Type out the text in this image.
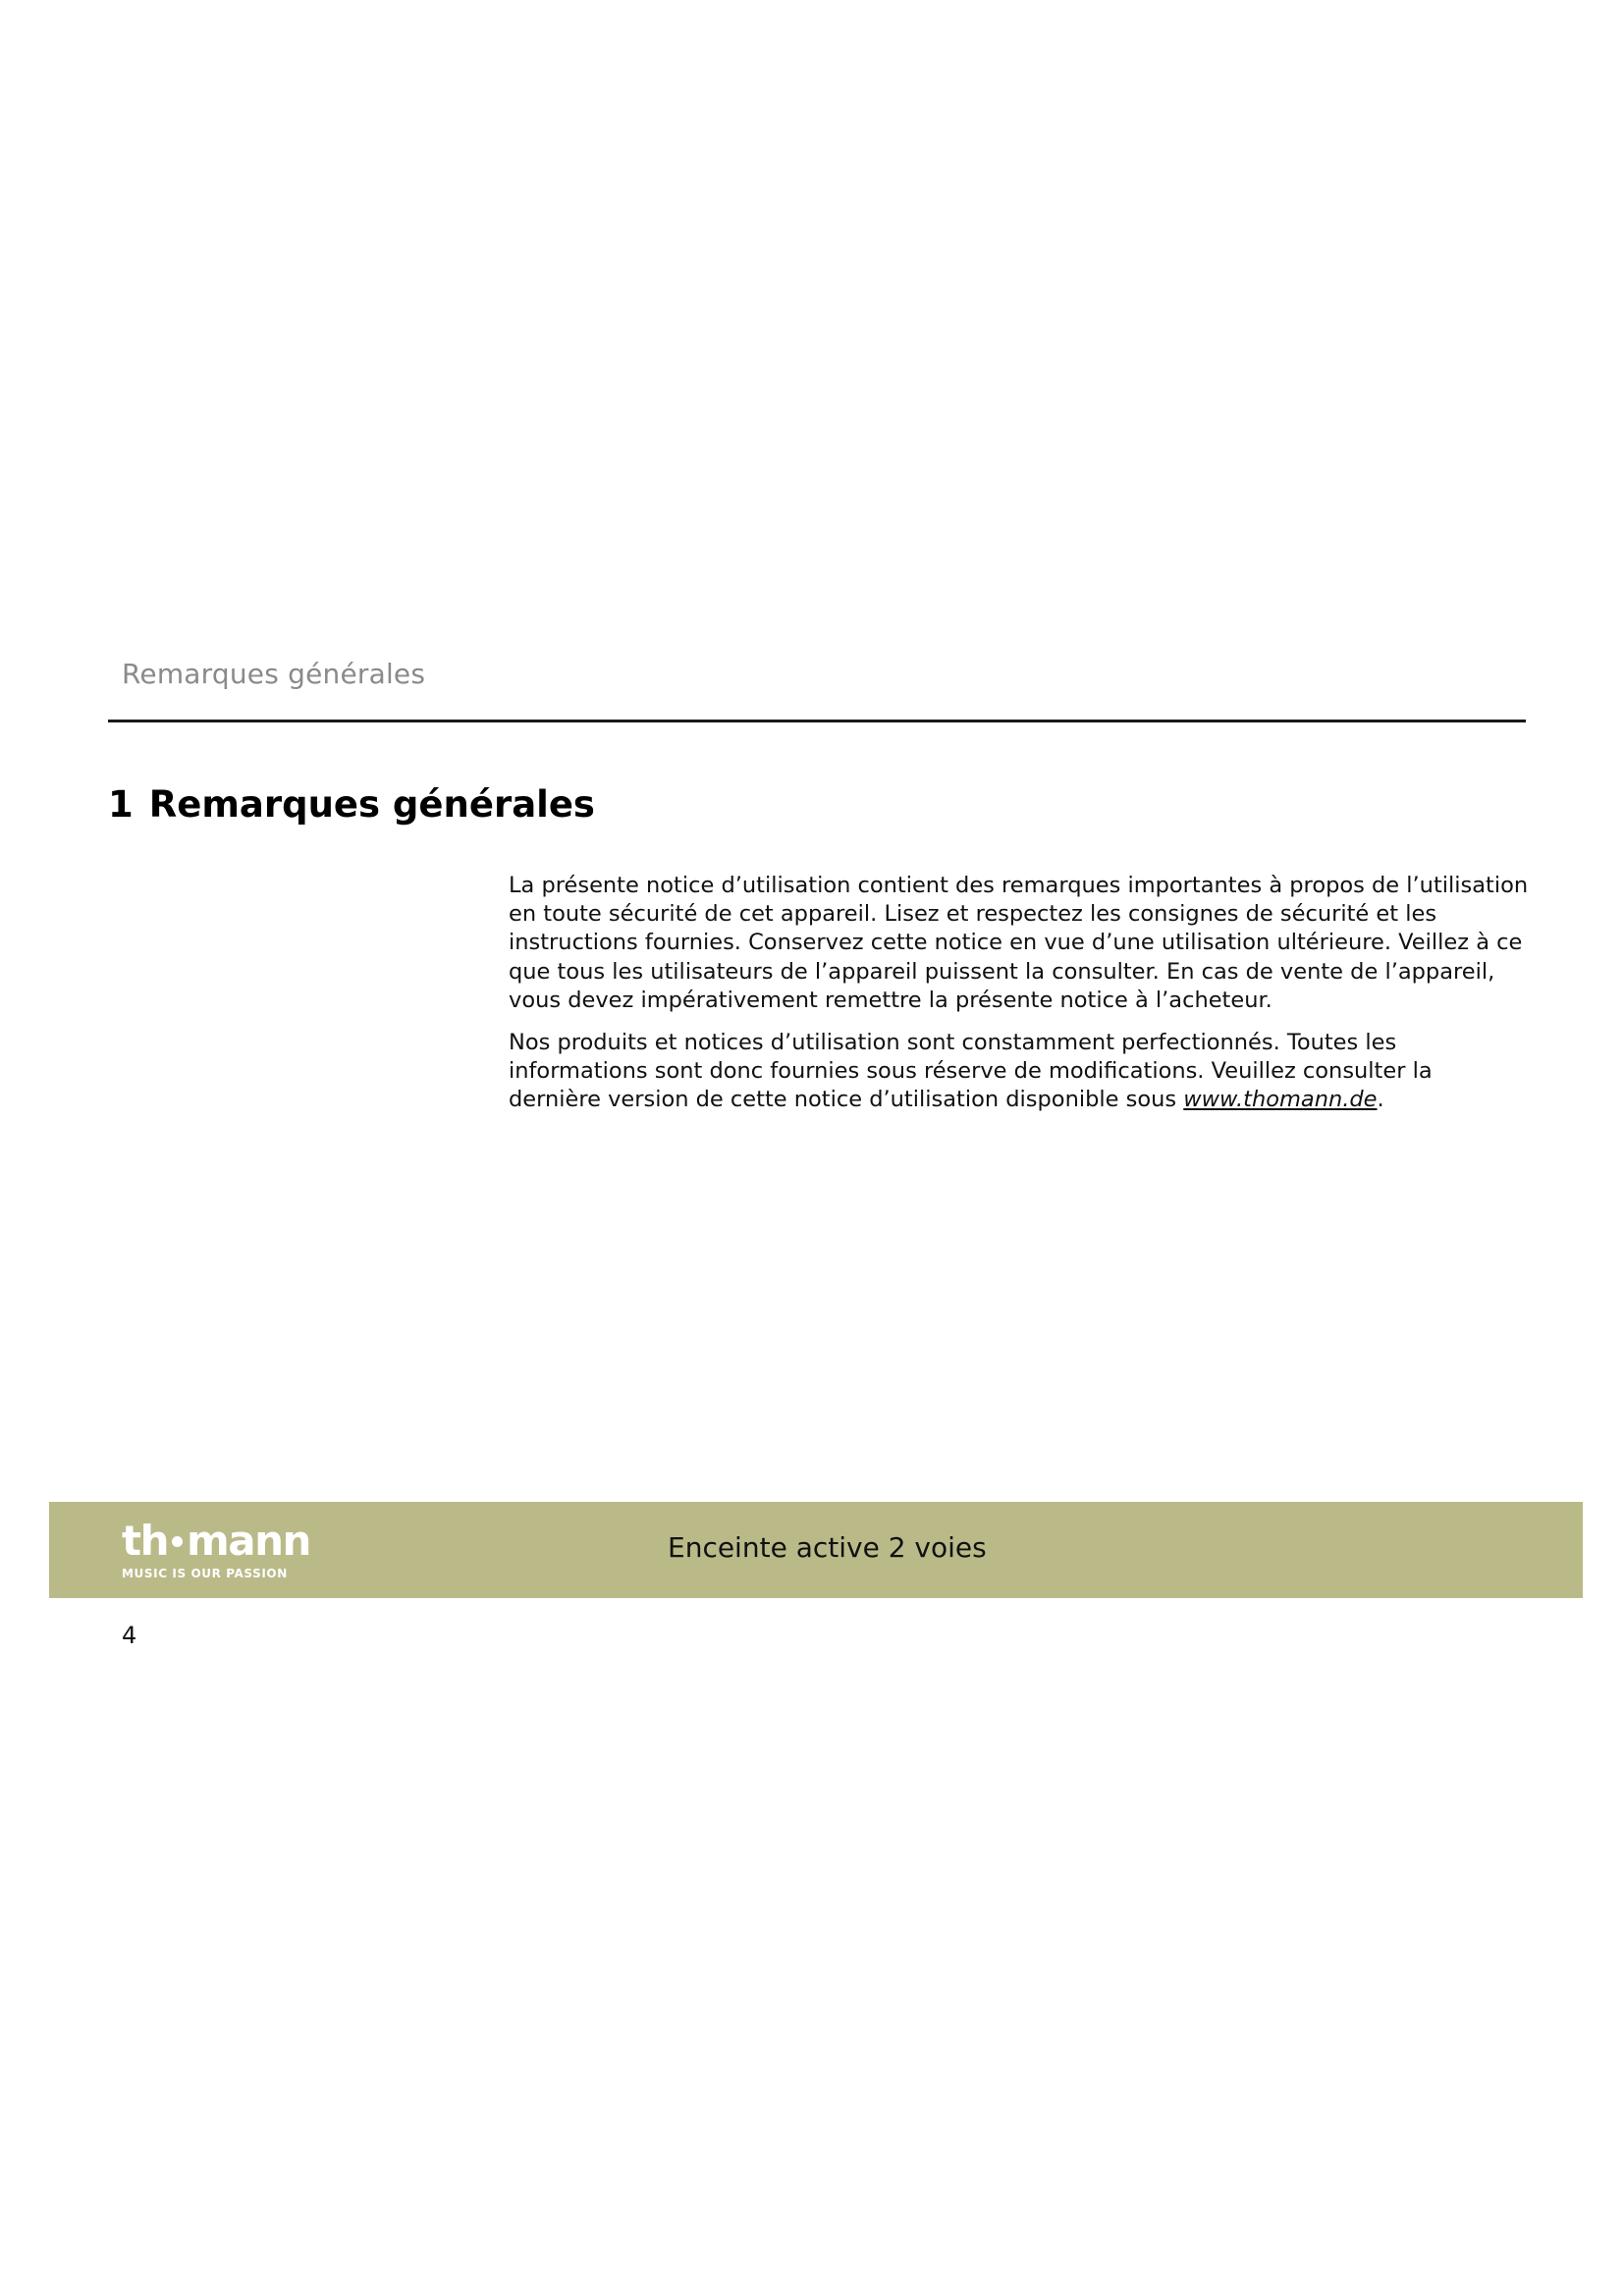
Remarques générales
1 Remarques générales

La présente notice d’utilisation contient des remarques importantes à propos de l’utilisation en toute sécurité de cet appareil. Lisez et respectez les consignes de sécurité et les instructions fournies. Conservez cette notice en vue d’une utilisation ultérieure. Veillez à ce que tous les utilisateurs de l’appareil puissent la consulter. En cas de vente de l’appareil, vous devez impérativement remettre la présente notice à l’acheteur.

Nos produits et notices d’utilisation sont constamment perfectionnés. Toutes les informations sont donc fournies sous réserve de modifications. Veuillez consulter la dernière version de cette notice d’utilisation disponible sous www.thomann.de.

th mann
MUSIC IS OUR PASSION
Enceinte active 2 voies
4
